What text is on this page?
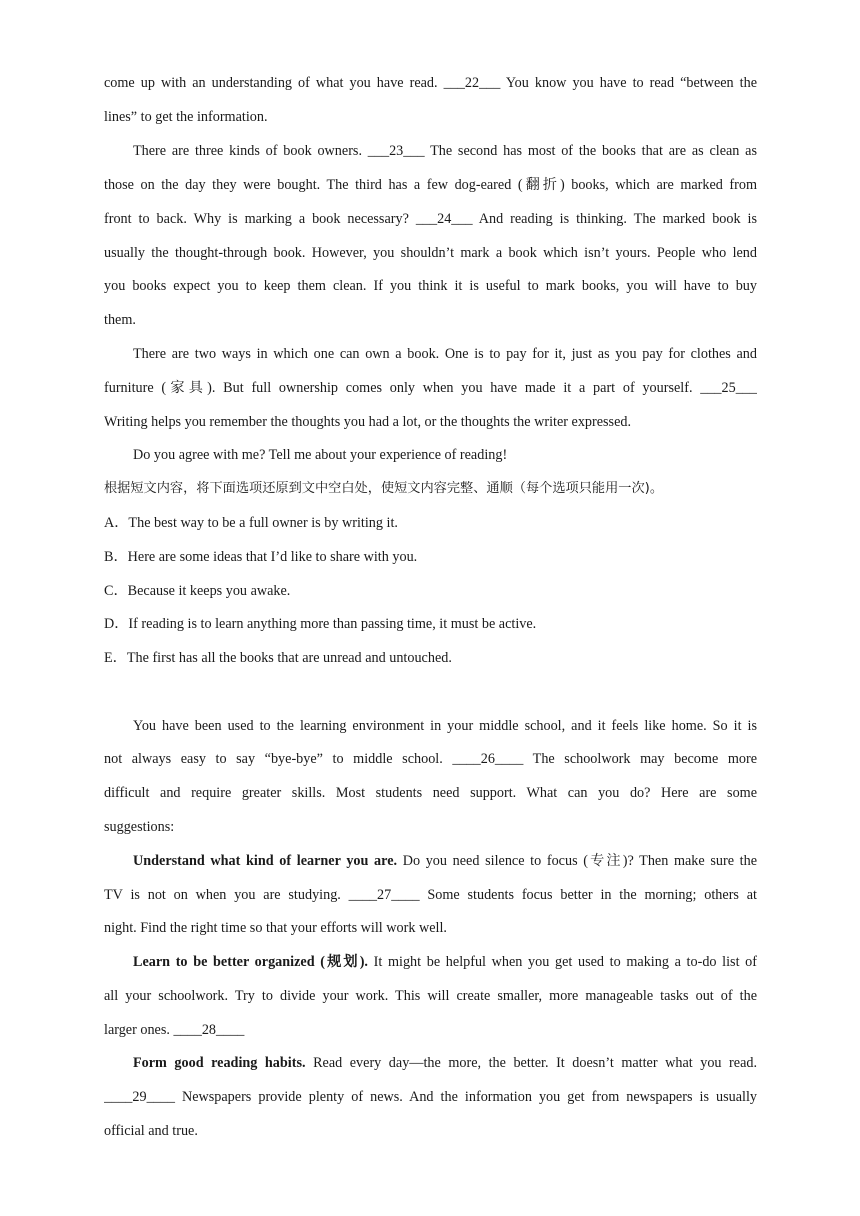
come up with an understanding of what you have read. ___22___ You know you have to read “between the
lines” to get the information.
There are three kinds of book owners. ___23___ The second has most of the books that are as clean as
those on the day they were bought. The third has a few dog-eared (翻折) books, which are marked from
front to back. Why is marking a book necessary? ___24___ And reading is thinking. The marked book is
usually the thought-through book. However, you shouldn’t mark a book which isn’t yours. People who lend
you books expect you to keep them clean. If you think it is useful to mark books, you will have to buy
them.
There are two ways in which one can own a book. One is to pay for it, just as you pay for clothes and
furniture (家具). But full ownership comes only when you have made it a part of yourself. ___25___
Writing helps you remember the thoughts you had a lot, or the thoughts the writer expressed.
Do you agree with me? Tell me about your experience of reading!
根据短文内容，将下面选项还原到文中空白处，使短文内容完整、通顺（每个选项只能用一次)。
A．The best way to be a full owner is by writing it.
B．Here are some ideas that I’d like to share with you.
C．Because it keeps you awake.
D．If reading is to learn anything more than passing time, it must be active.
E．The first has all the books that are unread and untouched.
You have been used to the learning environment in your middle school, and it feels like home. So it is
not always easy to say “bye-bye” to middle school. ____26____ The schoolwork may become more
difficult and require greater skills. Most students need support. What can you do? Here are some
suggestions:
Understand what kind of learner you are. Do you need silence to focus (专注)? Then make sure the
TV is not on when you are studying. ____27____ Some students focus better in the morning; others at
night. Find the right time so that your efforts will work well.
Learn to be better organized (规划). It might be helpful when you get used to making a to-do list of
all your schoolwork. Try to divide your work. This will create smaller, more manageable tasks out of the
larger ones. ____28____
Form good reading habits. Read every day—the more, the better. It doesn’t matter what you read.
____29____ Newspapers provide plenty of news. And the information you get from newspapers is usually
official and true.
